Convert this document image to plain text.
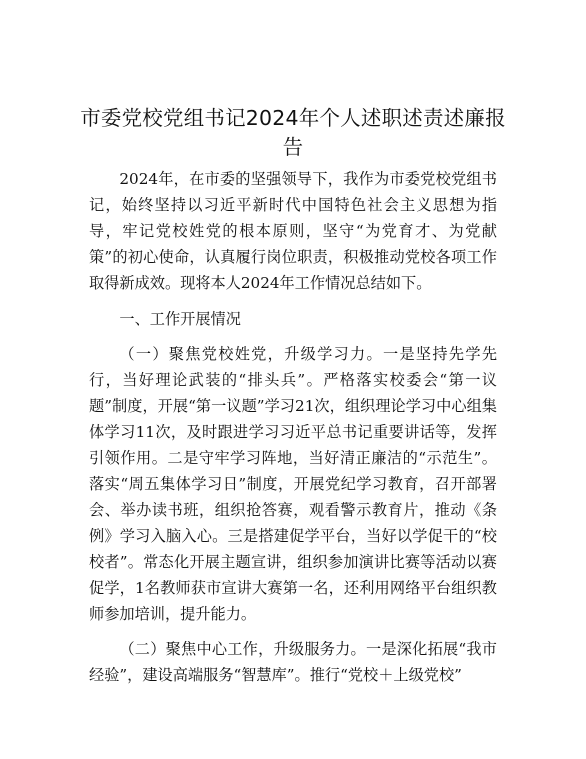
市委党校党组书记2024年个人述职述责述廉报告

2024年，在市委的坚强领导下，我作为市委党校党组书记，始终坚持以习近平新时代中国特色社会主义思想为指导，牢记党校姓党的根本原则，坚守“为党育才、为党献策”的初心使命，认真履行岗位职责，积极推动党校各项工作取得新成效。现将本人2024年工作情况总结如下。

一、工作开展情况

（一）聚焦党校姓党，升级学习力。一是坚持先学先行，当好理论武装的“排头兵”。严格落实校委会“第一议题”制度，开展“第一议题”学习21次，组织理论学习中心组集体学习11次，及时跟进学习习近平总书记重要讲话等，发挥引领作用。二是守牢学习阵地，当好清正廉洁的“示范生”。落实“周五集体学习日”制度，开展党纪学习教育，召开部署会、举办读书班，组织抢答赛，观看警示教育片，推动《条例》学习入脑入心。三是搭建促学平台，当好以学促干的“校校者”。常态化开展主题宣讲，组织参加演讲比赛等活动以赛促学，1名教师获市宣讲大赛第一名，还利用网络平台组织教师参加培训，提升能力。

（二）聚焦中心工作，升级服务力。一是深化拓展“我市经验”，建设高端服务“智慧库”。推行“党校＋上级党校”
